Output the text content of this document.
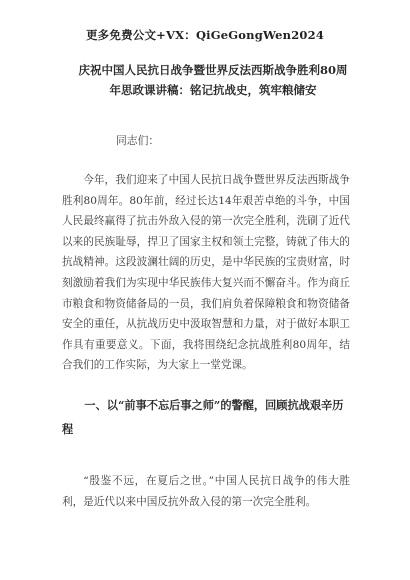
更多免费公文+VX：QiGeGongWen2024
庆祝中国人民抗日战争暨世界反法西斯战争胜利80周年思政课讲稿：铭记抗战史，筑牢粮储安
同志们：

今年，我们迎来了中国人民抗日战争暨世界反法西斯战争胜利80周年。80年前，经过长达14年艰苦卓绝的斗争，中国人民最终赢得了抗击外敌入侵的第一次完全胜利，洗刷了近代以来的民族耻辱，捍卫了国家主权和领土完整，铸就了伟大的抗战精神。这段波澜壮阔的历史，是中华民族的宝贵财富，时刻激励着我们为实现中华民族伟大复兴而不懈奋斗。作为商丘市粮食和物资储备局的一员，我们肩负着保障粮食和物资储备安全的重任，从抗战历史中汲取智慧和力量，对于做好本职工作具有重要意义。下面，我将围绕纪念抗战胜利80周年，结合我们的工作实际，为大家上一堂党课。

一、以“前事不忘后事之师”的警醒，回顾抗战艰辛历程

“殷鉴不远，在夏后之世。”中国人民抗日战争的伟大胜利，是近代以来中国反抗外敌入侵的第一次完全胜利。
